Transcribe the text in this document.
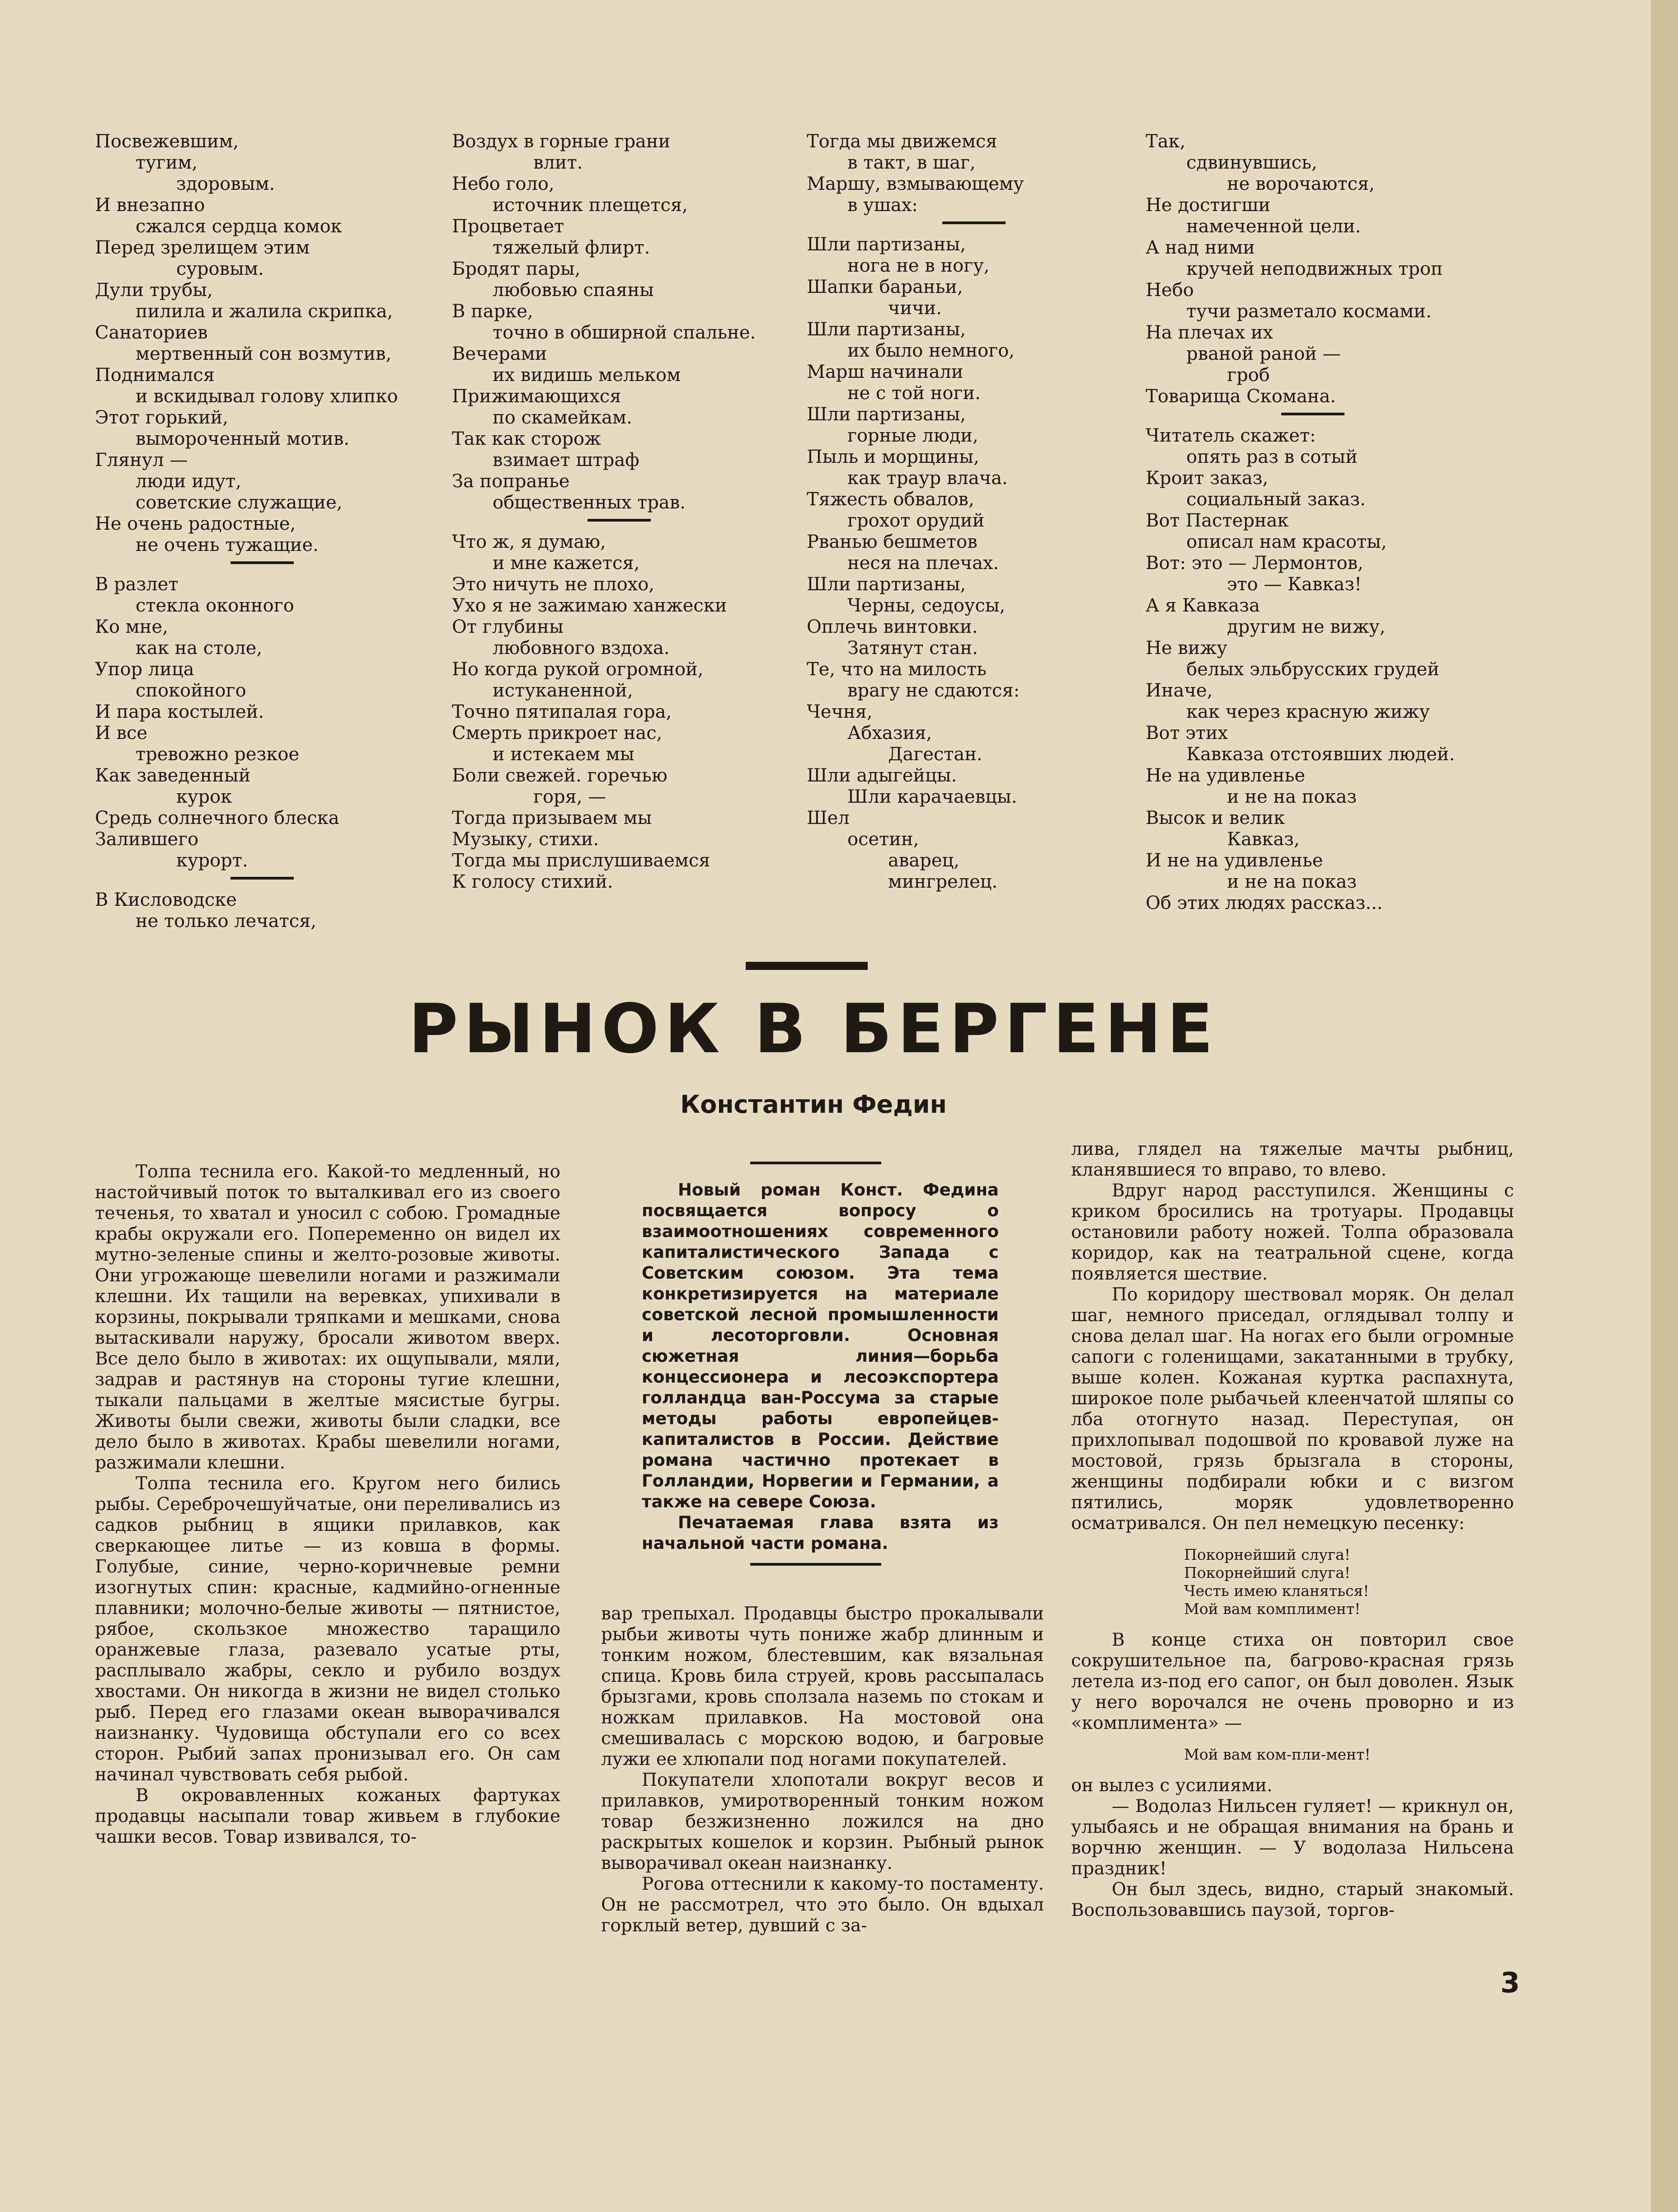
Посвежевшим,
тугим,
здоровым.
И внезапно
сжался сердца комок
Перед зрелищем этим
суровым.
Дули трубы,
пилила и жалила скрипка,
Санаториев
мертвенный сон возмутив,
Поднимался
и вскидывал голову хлипко
Этот горький,
вымороченный мотив.
Глянул —
люди идут,
советские служащие,
Не очень радостные,
не очень тужащие.
В разлет
стекла оконного
Ко мне,
как на столе,
Упор лица
спокойного
И пара костылей.
И все
тревожно резкое
Как заведенный
курок
Средь солнечного блеска
Залившего
курорт.
В Кисловодске
не только лечатся,
Воздух в горные грани
влит.
Небо голо,
источник плещется,
Процветает
тяжелый флирт.
Бродят пары,
любовью спаяны
В парке,
точно в обширной спальне.
Вечерами
их видишь мельком
Прижимающихся
по скамейкам.
Так как сторож
взимает штраф
За попранье
общественных трав.
Что ж, я думаю,
и мне кажется,
Это ничуть не плохо,
Ухо я не зажимаю ханжески
От глубины
любовного вздоха.
Но когда рукой огромной,
истуканенной,
Точно пятипалая гора,
Смерть прикроет нас,
и истекаем мы
Боли свежей. горечью
горя, —
Тогда призываем мы
Музыку, стихи.
Тогда мы прислушиваемся
К голосу стихий.
Тогда мы движемся
в такт, в шаг,
Маршу, взмывающему
в ушах:
Шли партизаны,
нога не в ногу,
Шапки бараньи,
чичи.
Шли партизаны,
их было немного,
Марш начинали
не с той ноги.
Шли партизаны,
горные люди,
Пыль и морщины,
как траур влача.
Тяжесть обвалов,
грохот орудий
Рванью бешметов
неся на плечах.
Шли партизаны,
Черны, седоусы,
Оплечь винтовки.
Затянут стан.
Те, что на милость
врагу не сдаются:
Чечня,
Абхазия,
Дагестан.
Шли адыгейцы.
Шли карачаевцы.
Шел
осетин,
аварец,
мингрелец.
Так,
сдвинувшись,
не ворочаются,
Не достигши
намеченной цели.
А над ними
кручей неподвижных троп
Небо
тучи разметало космами.
На плечах их
рваной раной —
гроб
Товарища Скомана.
Читатель скажет:
опять раз в сотый
Кроит заказ,
социальный заказ.
Вот Пастернак
описал нам красоты,
Вот: это — Лермонтов,
это — Кавказ!
А я Кавказа
другим не вижу,
Не вижу
белых эльбрусских грудей
Иначе,
как через красную жижу
Вот этих
Кавказа отстоявших людей.
Не на удивленье
и не на показ
Высок и велик
Кавказ,
И не на удивленье
и не на показ
Об этих людях рассказ...
РЫНОК В БЕРГЕНЕ
Константин Федин

Толпа теснила его. Какой-то медленный, но настойчивый поток то выталкивал его из своего теченья, то хватал и уносил с собою. Громадные крабы окружали его. Попеременно он видел их мутно-зеленые спины и желто-розовые животы. Они угрожающе шевелили ногами и разжимали клешни. Их тащили на веревках, упихивали в корзины, покрывали тряпками и мешками, снова вытаскивали наружу, бросали животом вверх. Все дело было в животах: их ощупывали, мяли, задрав и растянув на стороны тугие клешни, тыкали пальцами в желтые мясистые бугры. Животы были свежи, животы были сладки, все дело было в животах. Крабы шевелили ногами, разжимали клешни.

Толпа теснила его. Кругом него бились рыбы. Сереброчешуйчатые, они переливались из садков рыбниц в ящики прилавков, как сверкающее литье — из ковша в формы. Голубые, синие, черно-коричневые ремни изогнутых спин: красные, кадмийно-огненные плавники; молочно-белые животы — пятнистое, рябое, скользкое множество таращило оранжевые глаза, разевало усатые рты, расплывало жабры, секло и рубило воздух хвостами. Он никогда в жизни не видел столько рыб. Перед его глазами океан выворачивался наизнанку. Чудовища обступали его со всех сторон. Рыбий запах пронизывал его. Он сам начинал чувствовать себя рыбой.

В окровавленных кожаных фартуках продавцы насыпали товар живьем в глубокие чашки весов. Товар извивался, то-

Новый роман Конст. Федина посвящается вопросу о взаимоотношениях современного капиталистического Запада с Советским союзом. Эта тема конкретизируется на материале советской лесной промышленности и лесоторговли. Основная сюжетная линия—борьба концессионера и лесоэкспортера голландца ван-Россума за старые методы работы европейцев-капиталистов в России. Действие романа частично протекает в Голландии, Норвегии и Германии, а также на севере Союза.

Печатаемая глава взята из начальной части романа.

вар трепыхал. Продавцы быстро прокалывали рыбьи животы чуть пониже жабр длинным и тонким ножом, блестевшим, как вязальная спица. Кровь била струей, кровь рассыпалась брызгами, кровь сползала наземь по стокам и ножкам прилавков. На мостовой она смешивалась с морскою водою, и багровые лужи ее хлюпали под ногами покупателей.

Покупатели хлопотали вокруг весов и прилавков, умиротворенный тонким ножом товар безжизненно ложился на дно раскрытых кошелок и корзин. Рыбный рынок выворачивал океан наизнанку.

Рогова оттеснили к какому-то постаменту. Он не рассмотрел, что это было. Он вдыхал горклый ветер, дувший с за-

лива, глядел на тяжелые мачты рыбниц, кланявшиеся то вправо, то влево.

Вдруг народ расступился. Женщины с криком бросились на тротуары. Продавцы остановили работу ножей. Толпа образовала коридор, как на театральной сцене, когда появляется шествие.

По коридору шествовал моряк. Он делал шаг, немного приседал, оглядывал толпу и снова делал шаг. На ногах его были огромные сапоги с голенищами, закатанными в трубку, выше колен. Кожаная куртка распахнута, широкое поле рыбачьей клеенчатой шляпы со лба отогнуто назад. Переступая, он прихлопывал подошвой по кровавой луже на мостовой, грязь брызгала в стороны, женщины подбирали юбки и с визгом пятились, моряк удовлетворенно осматривался. Он пел немецкую песенку:

Покорнейший слуга!
Покорнейший слуга!
Честь имею кланяться!
Мой вам комплимент!

В конце стиха он повторил свое сокрушительное па, багрово-красная грязь летела из-под его сапог, он был доволен. Язык у него ворочался не очень проворно и из «комплимента» —

Мой вам ком-пли-мент!

он вылез с усилиями.

— Водолаз Нильсен гуляет! — крикнул он, улыбаясь и не обращая внимания на брань и ворчню женщин. — У водолаза Нильсена праздник!

Он был здесь, видно, старый знакомый. Воспользовавшись паузой, торгов-

3
